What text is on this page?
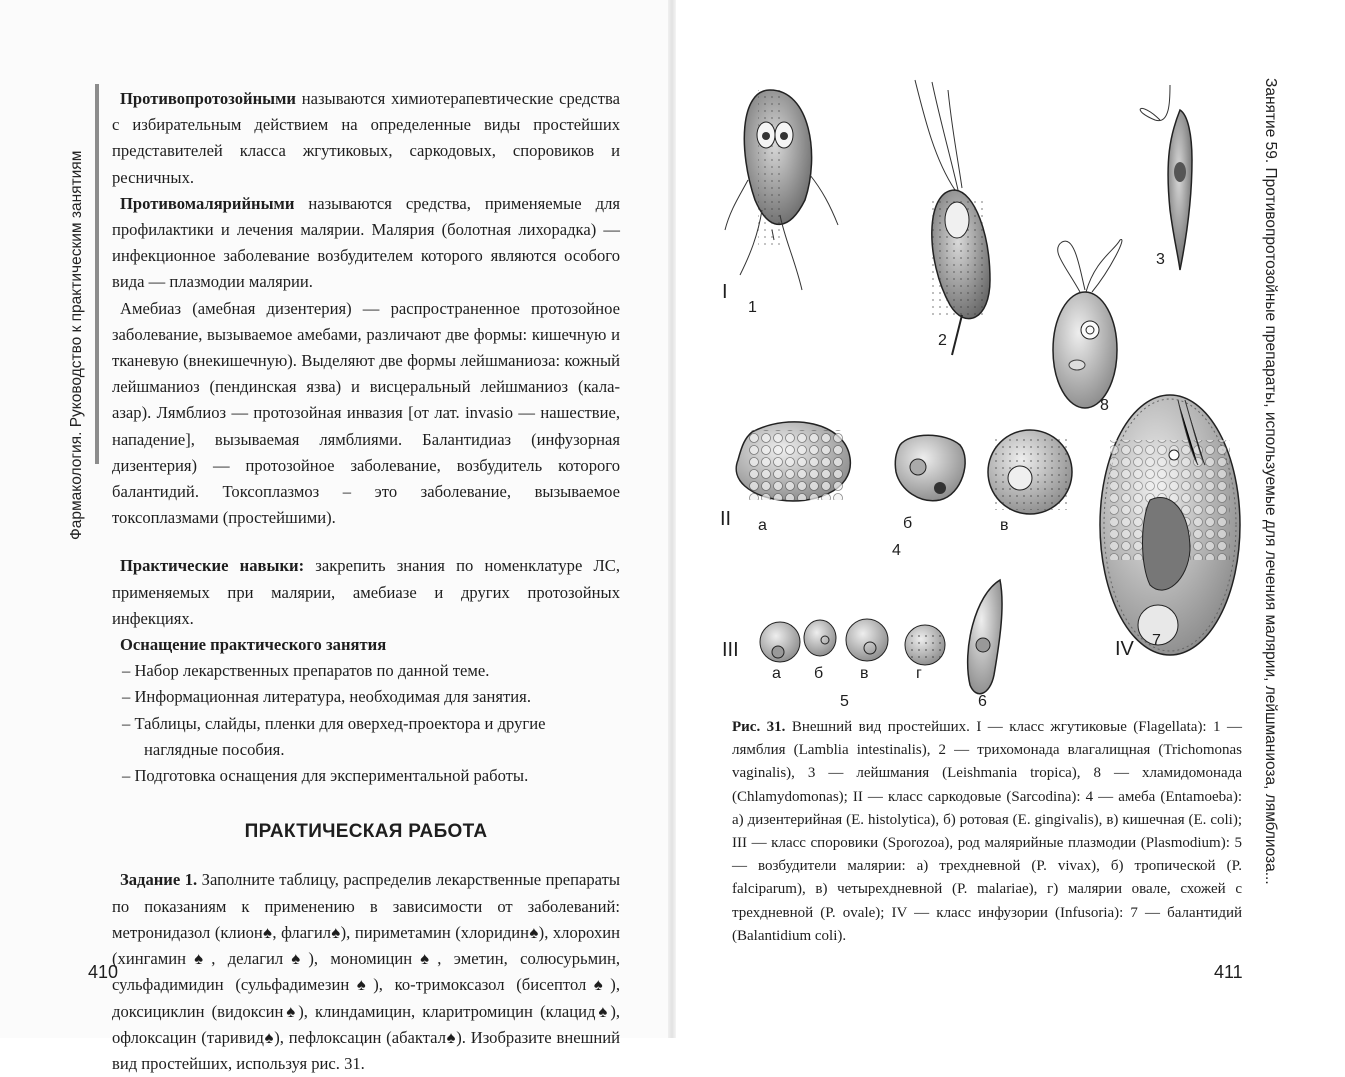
Фармакология. Руководство к практическим занятиям

Противопротозойными называются химиотерапевтические средства с избирательным действием на определенные виды простейших представителей класса жгутиковых, саркодовых, споровиков и ресничных.

Противомалярийными называются средства, применяемые для профилактики и лечения малярии. Малярия (болотная лихорадка) — инфекционное заболевание возбудителем которого являются особого вида — плазмодии малярии.

Амебиаз (амебная дизентерия) — распространенное протозойное заболевание, вызываемое амебами, различают две формы: кишечную и тканевую (внекишечную). Выделяют две формы лейшманиоза: кожный лейшманиоз (пендинская язва) и висцеральный лейшманиоз (кала-азар). Лямблиоз — протозойная инвазия [от лат. invasio — нашествие, нападение], вызываемая лямблиями. Балантидиаз (инфузорная дизентерия) — протозойное заболевание, возбудитель которого балантидий. Токсоплазмоз – это заболевание, вызываемое токсоплазмами (простейшими).

Практические навыки: закрепить знания по номенклатуре ЛС, применяемых при малярии, амебиазе и других протозойных инфекциях.

Оснащение практического занятия

– Набор лекарственных препаратов по данной теме.
– Информационная литература, необходимая для занятия.
– Таблицы, слайды, пленки для оверхед-проектора и другие наглядные пособия.
– Подготовка оснащения для экспериментальной работы.
ПРАКТИЧЕСКАЯ РАБОТА

Задание 1. Заполните таблицу, распределив лекарственные препараты по показаниям к применению в зависимости от заболеваний: метронидазол (клион♠, флагил♠), пириметамин (хлоридин♠), хлорохин (хингамин♠, делагил♠), мономицин♠, эметин, солюсурьмин, сульфадимидин (сульфадимезин♠), ко-тримоксазол (бисептол♠), доксициклин (видоксин♠), клиндамицин, кларитромицин (клацид♠), офлоксацин (таривид♠), пефлоксацин (абактал♠). Изобразите внешний вид простейших, используя рис. 31.

410
Занятие 59. Противопротозойные препараты, используемые для лечения малярии, лейшманиоза, лямблиоза...
I
1
2
3
8
II а	б	в
4
IV 7
III
а б в	г
5	6
Рис. 31. Внешний вид простейших. I — класс жгутиковые (Flagellata): 1 — лямблия (Lamblia intestinalis), 2 — трихомонада влагалищная (Trichomonas vaginalis), 3 — лейшмания (Leishmania tropica), 8 — хламидомонада (Chlamydomonas); II — класс саркодовые (Sarcodina): 4 — амеба (Entamoeba): а) дизентерийная (E. histolytica), б) ротовая (E. gingivalis), в) кишечная (E. coli); III — класс споровики (Sporozoa), род малярийные плазмодии (Plasmodium): 5 — возбудители малярии: а) трехдневной (P. vivax), б) тропической (P. falciparum), в) четырехдневной (P. malariae), г) малярии овале, схожей с трехдневной (P. ovale); IV — класс инфузории (Infusoria): 7 — балантидий (Balantidium coli).
411
